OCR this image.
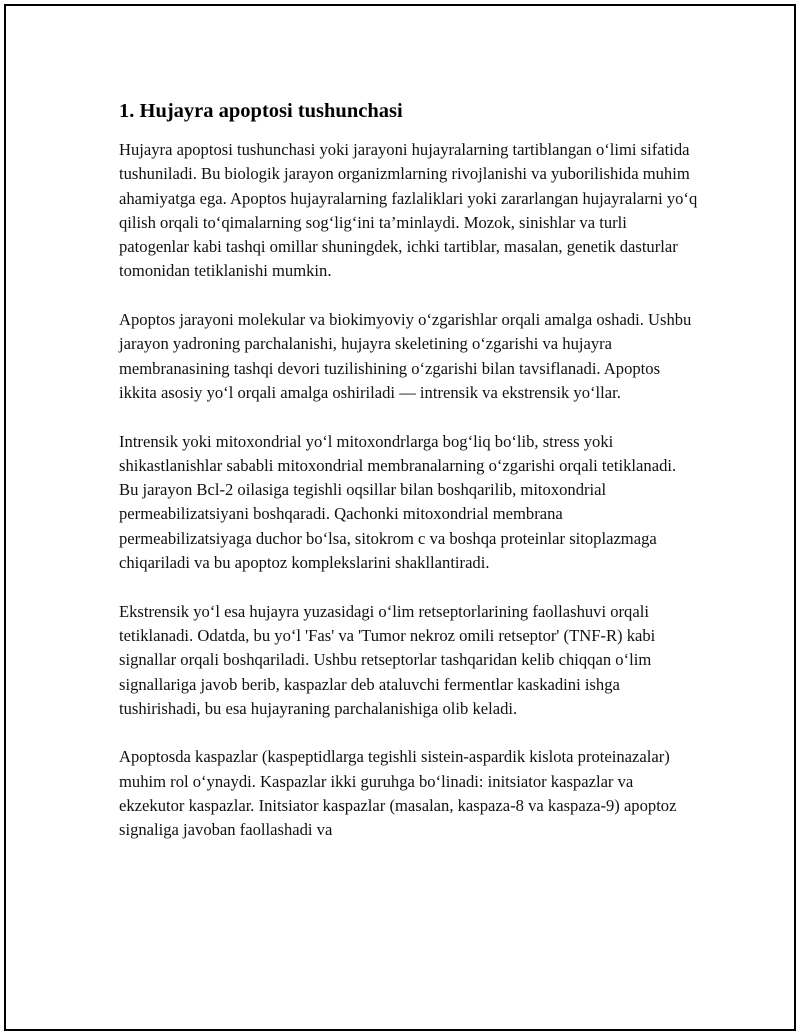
1. Hujayra apoptosi tushunchasi

Hujayra apoptosi tushunchasi yoki jarayoni hujayralarning tartiblangan o‘limi sifatida tushuniladi. Bu biologik jarayon organizmlarning rivojlanishi va yuborilishida muhim ahamiyatga ega. Apoptos hujayralarning fazlaliklari yoki zararlangan hujayralarni yo‘q qilish orqali to‘qimalarning sog‘lig‘ini ta’minlaydi. Mozok, sinishlar va turli patogenlar kabi tashqi omillar shuningdek, ichki tartiblar, masalan, genetik dasturlar tomonidan tetiklanishi mumkin.

Apoptos jarayoni molekular va biokimyoviy o‘zgarishlar orqali amalga oshadi. Ushbu jarayon yadroning parchalanishi, hujayra skeletining o‘zgarishi va hujayra membranasining tashqi devori tuzilishining o‘zgarishi bilan tavsiflanadi. Apoptos ikkita asosiy yo‘l orqali amalga oshiriladi — intrensik va ekstrensik yo‘llar.

Intrensik yoki mitoxondrial yo‘l mitoxondrlarga bog‘liq bo‘lib, stress yoki shikastlanishlar sababli mitoxondrial membranalarning o‘zgarishi orqali tetiklanadi. Bu jarayon Bcl-2 oilasiga tegishli oqsillar bilan boshqarilib, mitoxondrial permeabilizatsiyani boshqaradi. Qachonki mitoxondrial membrana permeabilizatsiyaga duchor bo‘lsa, sitokrom c va boshqa proteinlar sitoplazmaga chiqariladi va bu apoptoz komplekslarini shakllantiradi.

Ekstrensik yo‘l esa hujayra yuzasidagi o‘lim retseptorlarining faollashuvi orqali tetiklanadi. Odatda, bu yo‘l 'Fas' va 'Tumor nekroz omili retseptor' (TNF-R) kabi signallar orqali boshqariladi. Ushbu retseptorlar tashqaridan kelib chiqqan o‘lim signallariga javob berib, kaspazlar deb ataluvchi fermentlar kaskadini ishga tushirishadi, bu esa hujayraning parchalanishiga olib keladi.

Apoptosda kaspazlar (kaspeptidlarga tegishli sistein-aspardik kislota proteinazalar) muhim rol o‘ynaydi. Kaspazlar ikki guruhga bo‘linadi: initsiator kaspazlar va ekzekutor kaspazlar. Initsiator kaspazlar (masalan, kaspaza-8 va kaspaza-9) apoptoz signaliga javoban faollashadi va
